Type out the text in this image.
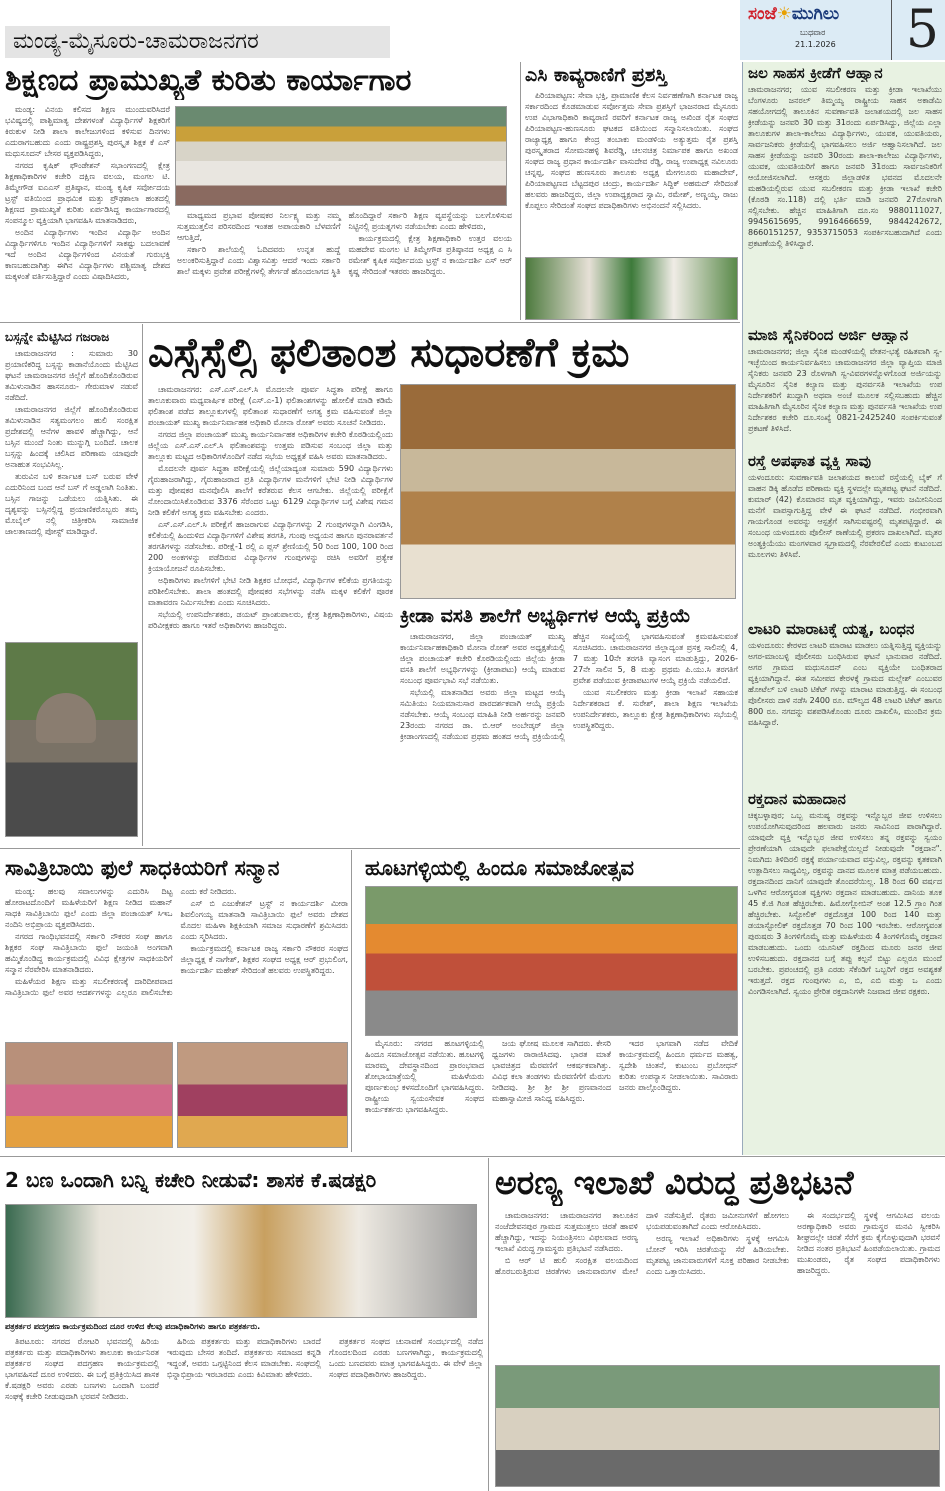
ಮಂಡ್ಯ-ಮೈಸೂರು-ಚಾಮರಾಜನಗರ
ಸಂಜೆ☀ಮುಗಿಲು
ಬುಧವಾರ
21.1.2026 5
ಶಿಕ್ಷಣದ ಪ್ರಾಮುಖ್ಯತೆ ಕುರಿತು ಕಾರ್ಯಾಗಾರ

ಮಂಡ್ಯ: ವಿನಯ ಕಲಿಸದ ಶಿಕ್ಷಣ ಮುಂದುವರಿಸಿದರೆ ಭವಿಷ್ಯದಲ್ಲಿ ಪಾಶ್ಚಿಮಾತ್ಯ ದೇಶಗಳಂತೆ ವಿದ್ಯಾರ್ಥಿಗಳೆ ಶಿಕ್ಷಕರಿಗೆ ಕಿರುಕುಳ ನೀಡಿ ಶಾಲಾ ಕಾಲೇಜುಗಳಿಂದ ಕಳಿಸುವ ದಿನಗಳು ಎದುರಾಗಬಹುದು ಎಂದು ರಾಷ್ಟ್ರಪ್ರಶಸ್ತಿ ಪುರಸ್ಕೃತ ಶಿಕ್ಷಕ ಕೆ ಎಸ್ ಮಧುಸೂದನ್ ಬೇಸರ ವ್ಯಕ್ತಪಡಿಸಿದ್ದರು,

ನಗರದ ಕೃಷಿಕ್ ಫೌಂಡೇಶನ್ ಸಭಾಂಗಣದಲ್ಲಿ ಕ್ಷೇತ್ರ ಶಿಕ್ಷಣಾಧಿಕಾರಿಗಳ ಕಚೇರಿ ದಕ್ಷಿಣ ವಲಯ, ಮಂಗಲ ಟಿ. ತಿಮ್ಮೇಗೌಡ ಐಎಎಸ್ ಪ್ರತಿಷ್ಠಾನ, ಮಂಡ್ಯ ಕೃಷಿಕ ಸರ್ವೋದಯ ಟ್ರಸ್ಟ್ ವತಿಯಿಂದ ಪ್ರಾಥಮಿಕ ಮತ್ತು ಪ್ರೌಢಶಾಲಾ ಹಂತದಲ್ಲಿ ಶಿಕ್ಷಣದ ಪ್ರಾಮುಖ್ಯತೆ ಕುರಿತು ಏರ್ಪಡಿಸಿದ್ದ ಕಾರ್ಯಾಗಾರದಲ್ಲಿ ಸಂಪನ್ಮೂಲ ವ್ಯಕ್ತಿಯಾಗಿ ಭಾಗವಹಿಸಿ ಮಾತನಾಡಿದರು,

ಅಂದಿನ ವಿದ್ಯಾರ್ಥಿಗಳು ಇಂದಿನ ವಿದ್ಯಾರ್ಥಿ ಅಂದಿನ ವಿದ್ಯಾರ್ಥಿಗಳಿಗೂ ಇಂದಿನ ವಿದ್ಯಾರ್ಥಿಗಳಿಗೆ ಸಾಕಷ್ಟು ಬದಲಾವಣೆ ಇದೆ ಅಂದಿನ ವಿದ್ಯಾರ್ಥಿಗಳಿಂದ ವಿನಯತೆ ಗುರುಭಕ್ತಿ ಕಾಣಬಹುದಾಗಿತ್ತು ಈಗಿನ ವಿದ್ಯಾರ್ಥಿಗಳು ಪಶ್ಚಿಮಾತ್ಯ ದೇಶದ ಮಕ್ಕಳಂತೆ ವರ್ತಿಸುತ್ತಿದ್ದಾರೆ ಎಂದು ವಿಷಾದಿಸಿದರು,

ಮಾಧ್ಯಮದ ಪ್ರಭಾವ ಪೋಷಕರ ನಿರ್ಲಕ್ಷ್ಯ ಮತ್ತು ನಮ್ಮ ಸುತ್ತಮುತ್ತಲಿನ ಪರಿಸರದಿಂದ ಇಂತಹ ಅಪಾಯಕಾರಿ ಬೆಳವಣಿಗೆ ಆಗುತ್ತಿದೆ,

ಸರ್ಕಾರಿ ಶಾಲೆಯಲ್ಲಿ ಓದಿದವರು ಉನ್ನತ ಹುದ್ದೆ ಅಲಂಕರಿಸುತ್ತಿದ್ದಾರೆ ಎಂದು ವಿಶ್ವಾಸವಿತ್ತು ಆದರೆ ಇಂದು ಸರ್ಕಾರಿ ಶಾಲೆ ಮಕ್ಕಳು ಪ್ರವೇಶ ಪರೀಕ್ಷೆಗಳಲ್ಲಿ ತೇರ್ಗಡೆ ಹೊಂದಲಾಗದ ಸ್ಥಿತಿ ಹೊಂದಿದ್ದಾರೆ ಸರ್ಕಾರಿ ಶಿಕ್ಷಣ ವ್ಯವಸ್ಥೆಯನ್ನು ಬಲಗೊಳಿಸುವ ನಿಟ್ಟಿನಲ್ಲಿ ಪ್ರಯತ್ನಗಳು ನಡೆಯಬೇಕು ಎಂದು ಹೇಳಿದರು,

ಕಾರ್ಯಕ್ರಮದಲ್ಲಿ ಕ್ಷೇತ್ರ ಶಿಕ್ಷಣಾಧಿಕಾರಿ ಉತ್ತರ ವಲಯ ಮಹದೇವ ಮಂಗಲ ಟಿ ತಿಮ್ಮೇಗೌಡ ಪ್ರತಿಷ್ಠಾನದ ಅಧ್ಯಕ್ಷ ಎ ಸಿ ರಮೇಶ್ ಕೃಷಿಕ ಸರ್ವೋದಯ ಟ್ರಸ್ಟ್ ನ ಕಾರ್ಯದರ್ಶಿ ಎಸ್ ಆರ್ ಕೃಷ್ಣ ಸೇರಿದಂತೆ ಇತರರು ಹಾಜರಿದ್ದರು.

ಎಸಿ ಕಾವ್ಯರಾಣಿಗೆ ಪ್ರಶಸ್ತಿ

ಪಿರಿಯಾಪಟ್ಟಣ: ಸೇವಾ ಭಕ್ತಿ, ಪ್ರಾಮಾಣಿಕ ಕೆಲಸ ನಿರ್ವಹಣೆಗಾಗಿ ಕರ್ನಾಟಕ ರಾಜ್ಯ ಸರ್ಕಾರದಿಂದ ಕೊಡಮಾಡುವ ಸರ್ವೋತ್ತಮ ಸೇವಾ ಪ್ರಶಸ್ತಿಗೆ ಭಾಜನರಾದ ಮೈಸೂರು ಉಪ ವಿಭಾಗಾಧಿಕಾರಿ ಕಾವ್ಯರಾಣಿ ರವರಿಗೆ ಕರ್ನಾಟಕ ರಾಜ್ಯ ಅಖಿಂಡ ರೈತ ಸಂಘದ ಪಿರಿಯಾಪಟ್ಟಣ-ಹುಣಸೂರು ಘಟಕದ ವತಿಯಿಂದ ಸನ್ಮಾನಿಸಲಾಯಿತು. ಸಂಘದ ರಾಜ್ಯಾಧ್ಯಕ್ಷ ಹಾಗೂ ಕೇಂದ್ರ ತಂಬಾಕು ಮಂಡಳಿಯ ಅತ್ಯುತ್ತಮ ರೈತ ಪ್ರಶಸ್ತಿ ಪುರಸ್ಕೃತರಾದ ಸೋಮನಹಳ್ಳಿ ಶಿವರೆಡ್ಡಿ, ಚಲನಚಿತ್ರ ನಿರ್ಮಾಪಕ ಹಾಗೂ ಅಖಂಡ ಸಂಘದ ರಾಜ್ಯ ಪ್ರಧಾನ ಕಾರ್ಯದರ್ಶಿ ವಾಸುದೇವ ರೆಡ್ಡಿ, ರಾಜ್ಯ ಉಪಾಧ್ಯಕ್ಷ ನವಿಲೂರು ಚನ್ನಪ್ಪ, ಸಂಘದ ಹುಣಸೂರು ತಾಲೂಕು ಅಧ್ಯಕ್ಷ ಮೇಗಲೂರು ಮಹಾದೇವ್, ಪಿರಿಯಾಪಟ್ಟಣದ ಬೆಟ್ಟದಪುರ ಚಂದ್ರು, ಕಾರ್ಯದರ್ಶಿ ಸಿದ್ದಿಕ್ ಅಹಮದ್ ಸೇರಿದಂತೆ ಹಲವರು ಹಾಜರಿದ್ದರು, ಜಿಲ್ಲಾ ಉಪಾಧ್ಯಕ್ಷರಾದ ಸ್ವಾಮಿ, ರಮೇಶ್, ಅಣ್ಣಯ್ಯ, ರಾಜು ಕೊಪ್ಪಲು ಸೇರಿದಂತೆ ಸಂಘದ ಪದಾಧಿಕಾರಿಗಳು ಅಭಿನಂದನೆ ಸಲ್ಲಿಸಿದರು.

ಬಸ್ಸನ್ನೇ ಮೆಟ್ಟಿಸಿದ ಗಜರಾಜ

ಚಾಮರಾಜನಗರ : ಸುಮಾರು 30 ಪ್ರಯಾಣಿಕರಿದ್ದ ಬಸ್ಸನ್ನು ಕಾಡಾನೆಯೊಂದು ಮೆಟ್ಟಿಸಿದ ಘಟನೆ ಚಾಮರಾಜನಗರ ಜಿಲ್ಲೆಗೆ ಹೊಂದಿಕೊಂಡಿರುವ ತಮಿಳುನಾಡಿನ ಹಾಸನೂರು- ಗೇರುಮಾಳ ನಡುವೆ ನಡೆದಿದೆ.

ಚಾಮರಾಜನಗರ ಜಿಲ್ಲೆಗೆ ಹೊಂದಿಕೊಂಡಿರುವ ತಮಿಳುನಾಡಿನ ಸತ್ಯಮಂಗಲಂ ಹುಲಿ ಸಂರಕ್ಷಿತ ಪ್ರದೇಶದಲ್ಲಿ ಆನೆಗಳ ಹಾವಳಿ ಹೆಚ್ಚಾಗಿದ್ದು, ಆನೆ ಬಸ್ಸಿನ ಮುಂದೆ ನಿಂತು ಮುನ್ನುಗ್ಗಿ ಬಂದಿದೆ. ಚಾಲಕ ಬಸ್ಸನ್ನು ಹಿಂದಕ್ಕೆ ಚಲಿಸಿದ ಪರಿಣಾಮ ಯಾವುದೇ ಅನಾಹುತ ಸಂಭವಿಸಿಲ್ಲ.

ತುರುವಿನ ಬಳಿ ಕರ್ನಾಟಕ ಬಸ್ ಬರುವ ವೇಳೆ ಎದುರಿನಿಂದ ಬಂದ ಆನೆ ಬಸ್ ಗೆ ಅಡ್ಡಲಾಗಿ ನಿಂತಿತು. ಬಸ್ಸಿನ ಗಾಜನ್ನು ಒಡೆಯಲು ಯತ್ನಿಸಿತು. ಈ ದೃಶ್ಯವನ್ನು ಬಸ್ಸಿನಲ್ಲಿದ್ದ ಪ್ರಯಾಣಿಕರೊಬ್ಬರು ತಮ್ಮ ಮೊಬೈಲ್ ನಲ್ಲಿ ಚಿತ್ರೀಕರಿಸಿ ಸಾಮಾಜಿಕ ಜಾಲತಾಣದಲ್ಲಿ ಪೋಸ್ಟ್ ಮಾಡಿದ್ದಾರೆ.

ಎಸ್ಸೆಸ್ಸೆಲ್ಸಿ ಫಲಿತಾಂಶ ಸುಧಾರಣೆಗೆ ಕ್ರಮ

ಚಾಮರಾಜನಗರ: ಎಸ್.ಎಸ್.ಎಲ್.ಸಿ ಮೊದಲನೇ ಪೂರ್ವ ಸಿದ್ಧತಾ ಪರೀಕ್ಷೆ ಹಾಗೂ ತಾಲೂಕುವಾರು ಮಧ್ಯವಾರ್ಷಿಕ ಪರೀಕ್ಷೆ (ಎಸ್.ಎ-1) ಫಲಿತಾಂಶಗಳನ್ನು ಹೋಲಿಕೆ ಮಾಡಿ ಕಡಿಮೆ ಫಲಿತಾಂಶ ಪಡೆದ ತಾಲ್ಲೂಕುಗಳಲ್ಲಿ ಫಲಿತಾಂಶ ಸುಧಾರಣೆಗೆ ಅಗತ್ಯ ಕ್ರಮ ವಹಿಸುವಂತೆ ಜಿಲ್ಲಾ ಪಂಚಾಯತ್ ಮುಖ್ಯ ಕಾರ್ಯನಿರ್ವಾಹಕ ಅಧಿಕಾರಿ ಮೋನಾ ರೋತ್ ಅವರು ಸೂಚನೆ ನೀಡಿದರು.

ನಗರದ ಜಿಲ್ಲಾ ಪಂಚಾಯತ್ ಮುಖ್ಯ ಕಾರ್ಯನಿರ್ವಾಹಕ ಅಧಿಕಾರಿಗಳ ಕಚೇರಿ ಕೊಠಡಿಯಲ್ಲಿಂದು ಜಿಲ್ಲೆಯ ಎಸ್.ಎಸ್.ಎಲ್.ಸಿ ಫಲಿತಾಂಶವನ್ನು ಉತ್ತಮ ಪಡಿಸುವ ಸಂಬಂಧ ಜಿಲ್ಲಾ ಮತ್ತು ತಾಲ್ಲೂಕು ಮಟ್ಟದ ಅಧಿಕಾರಿಗಳೊಂದಿಗೆ ನಡೆದ ಸಭೆಯ ಅಧ್ಯಕ್ಷತೆ ವಹಿಸಿ ಅವರು ಮಾತನಾಡಿದರು.

ಮೊದಲನೇ ಪೂರ್ವ ಸಿದ್ಧತಾ ಪರೀಕ್ಷೆಯಲ್ಲಿ ಜಿಲ್ಲೆಯಾದ್ಯಂತ ಸುಮಾರು 590 ವಿದ್ಯಾರ್ಥಿಗಳು ಗೈರುಹಾಜರಾಗಿದ್ದು, ಗೈರುಹಾಜರಾದ ಪ್ರತಿ ವಿದ್ಯಾರ್ಥಿಗಳ ಮನೆಗಳಿಗೆ ಭೇಟಿ ನೀಡಿ ವಿದ್ಯಾರ್ಥಿಗಳ ಮತ್ತು ಪೋಷಕರ ಮನವೊಲಿಸಿ ಶಾಲೆಗೆ ಕರೆತರುವ ಕೆಲಸ ಆಗಬೇಕು. ಜಿಲ್ಲೆಯಲ್ಲಿ ಪರೀಕ್ಷೆಗೆ ನೋಂದಾಯಿಸಿಕೊಂಡಿರುವ 3376 ಸೆರೆಂದರ ಒಟ್ಟು 6129 ವಿದ್ಯಾರ್ಥಿಗಳ ಬಗ್ಗೆ ವಿಶೇಷ ಗಮನ ನೀಡಿ ಕಲಿಕೆಗೆ ಅಗತ್ಯ ಕ್ರಮ ವಹಿಸಬೇಕು ಎಂದರು.

ಎಸ್.ಎಸ್.ಎಲ್.ಸಿ ಪರೀಕ್ಷೆಗೆ ಹಾಜರಾಗುವ ವಿದ್ಯಾರ್ಥಿಗಳನ್ನು 2 ಗುಂಪುಗಳನ್ನಾಗಿ ವಿಂಗಡಿಸಿ, ಕಲಿಕೆಯಲ್ಲಿ ಹಿಂದುಳಿದ ವಿದ್ಯಾರ್ಥಿಗಳಿಗೆ ವಿಶೇಷ ತರಗತಿ, ಗುಂಪು ಅಧ್ಯಯನ ಹಾಗೂ ಪುನರಾವರ್ತನೆ ತರಗತಿಗಳನ್ನು ನಡೆಸಬೇಕು. ಪರೀಕ್ಷೆ-1 ರಲ್ಲಿ ಎ ಪ್ಲಸ್ ಶ್ರೇಣಿಯಲ್ಲಿ 50 ರಿಂದ 100, 100 ರಿಂದ 200 ಅಂಕಗಳನ್ನು ಪಡೆದಿರುವ ವಿದ್ಯಾರ್ಥಿಗಳ ಗುಂಪುಗಳನ್ನು ರಚಿಸಿ ಅವರಿಗೆ ಪ್ರತ್ಯೇಕ ಕ್ರಿಯಾಯೋಜನೆ ರೂಪಿಸಬೇಕು.

ಅಧಿಕಾರಿಗಳು ಶಾಲೆಗಳಿಗೆ ಭೇಟಿ ನೀಡಿ ಶಿಕ್ಷಕರ ಬೋಧನೆ, ವಿದ್ಯಾರ್ಥಿಗಳ ಕಲಿಕೆಯ ಪ್ರಗತಿಯನ್ನು ಪರಿಶೀಲಿಸಬೇಕು. ಶಾಲಾ ಹಂತದಲ್ಲಿ ಪೋಷಕರ ಸಭೆಗಳನ್ನು ನಡೆಸಿ ಮಕ್ಕಳ ಕಲಿಕೆಗೆ ಪೂರಕ ವಾತಾವರಣ ನಿರ್ಮಿಸಬೇಕು ಎಂದು ಸೂಚಿಸಿದರು.

ಸಭೆಯಲ್ಲಿ ಉಪನಿರ್ದೇಶಕರು, ಡಯಟ್ ಪ್ರಾಂಶುಪಾಲರು, ಕ್ಷೇತ್ರ ಶಿಕ್ಷಣಾಧಿಕಾರಿಗಳು, ವಿಷಯ ಪರಿವೀಕ್ಷಕರು ಹಾಗೂ ಇತರೆ ಅಧಿಕಾರಿಗಳು ಹಾಜರಿದ್ದರು.	ಕ್ರೀಡಾ ವಸತಿ ಶಾಲೆಗೆ ಅಭ್ಯರ್ಥಿಗಳ ಆಯ್ಕೆ ಪ್ರಕ್ರಿಯೆ

ಚಾಮರಾಜನಗರ, ಜಿಲ್ಲಾ ಪಂಚಾಯತ್ ಮುಖ್ಯ ಕಾರ್ಯನಿರ್ವಾಹಕಾಧಿಕಾರಿ ಮೋನಾ ರೋತ್ ಅವರ ಅಧ್ಯಕ್ಷತೆಯಲ್ಲಿ ಜಿಲ್ಲಾ ಪಂಚಾಯತ್ ಕಚೇರಿ ಕೊಠಡಿಯಲ್ಲಿಂದು ಜಿಲ್ಲೆಯ ಕ್ರೀಡಾ ವಸತಿ ಶಾಲೆಗೆ ಅಭ್ಯರ್ಥಿಗಳನ್ನು (ಕ್ರೀಡಾಪಟು) ಆಯ್ಕೆ ಮಾಡುವ ಸಂಬಂಧ ಪೂರ್ವಭಾವಿ ಸಭೆ ನಡೆಯಿತು.

ಸಭೆಯಲ್ಲಿ ಮಾತನಾಡಿದ ಅವರು ಜಿಲ್ಲಾ ಮಟ್ಟದ ಆಯ್ಕೆ ಸಮಿತಿಯು ನಿಯಮಾನುಸಾರ ಪಾರದರ್ಶಕವಾಗಿ ಆಯ್ಕೆ ಪ್ರಕ್ರಿಯೆ ನಡೆಸಬೇಕು. ಆಯ್ಕೆ ಸಂಬಂಧ ಮಾಹಿತಿ ನೀಡಿ ಅರ್ಹರನ್ನು ಜನವರಿ 23ರಂದು ನಗರದ ಡಾ. ಬಿ.ಆರ್ ಅಂಬೇಡ್ಕರ್ ಜಿಲ್ಲಾ ಕ್ರೀಡಾಂಗಣದಲ್ಲಿ ನಡೆಯುವ ಪ್ರಥಮ ಹಂತದ ಆಯ್ಕೆ ಪ್ರಕ್ರಿಯೆಯಲ್ಲಿ ಹೆಚ್ಚಿನ ಸಂಖ್ಯೆಯಲ್ಲಿ ಭಾಗವಹಿಸುವಂತೆ ಕ್ರಮವಹಿಸುವಂತೆ ಸೂಚಿಸಿದರು. ಚಾಮರಾಜನಗರ ಜಿಲ್ಲಾದ್ಯಂತ ಪ್ರಸಕ್ತ ಸಾಲಿನಲ್ಲಿ 4, 7 ಮತ್ತು 10ನೇ ತರಗತಿ ವ್ಯಾಸಂಗ ಮಾಡುತ್ತಿದ್ದು, 2026-27ನೇ ಸಾಲಿನ 5, 8 ಮತ್ತು ಪ್ರಥಮ ಪಿ.ಯು.ಸಿ ತರಗತಿಗೆ ಪ್ರವೇಶ ಪಡೆಯುವ ಕ್ರೀಡಾಪಟುಗಳ ಆಯ್ಕೆ ಪ್ರಕ್ರಿಯೆ ನಡೆಯಲಿದೆ.

ಯುವ ಸಬಲೀಕರಣ ಮತ್ತು ಕ್ರೀಡಾ ಇಲಾಖೆ ಸಹಾಯಕ ನಿರ್ದೇಶಕರಾದ ಕೆ. ಸುರೇಶ್, ಶಾಲಾ ಶಿಕ್ಷಣ ಇಲಾಖೆಯ ಉಪನಿರ್ದೇಶಕರು, ತಾಲ್ಲೂಕು ಕ್ಷೇತ್ರ ಶಿಕ್ಷಣಾಧಿಕಾರಿಗಳು ಸಭೆಯಲ್ಲಿ ಉಪಸ್ಥಿತರಿದ್ದರು.

ಸಾವಿತ್ರಿಬಾಯಿ ಫುಲೆ ಸಾಧಕಿಯರಿಗೆ ಸನ್ಮಾನ

ಮಂಡ್ಯ: ಹಲವು ಸವಾಲುಗಳನ್ನು ಎದುರಿಸಿ ದಿಟ್ಟ ಹೋರಾಟದೊಂದಿಗೆ ಮಹಿಳೆಯರಿಗೆ ಶಿಕ್ಷಣ ನೀಡಿದ ಮಹಾನ್ ಸಾಧಕಿ ಸಾವಿತ್ರಿಬಾಯಿ ಫುಲೆ ಎಂದು ಜಿಲ್ಲಾ ಪಂಚಾಯತ್ ಸಿಇಒ ನಂದಿನಿ ಅಭಿಪ್ರಾಯ ವ್ಯಕ್ತಪಡಿಸಿದರು.

ನಗರದ ಗಾಂಧಿಭವನದಲ್ಲಿ ಸರ್ಕಾರಿ ನೌಕರರ ಸಂಘ ಹಾಗೂ ಶಿಕ್ಷಕರ ಸಂಘ ಸಾವಿತ್ರಿಬಾಯಿ ಫುಲೆ ಜಯಂತಿ ಅಂಗವಾಗಿ ಹಮ್ಮಿಕೊಂಡಿದ್ದ ಕಾರ್ಯಕ್ರಮದಲ್ಲಿ ವಿವಿಧ ಕ್ಷೇತ್ರಗಳ ಸಾಧಕಿಯರಿಗೆ ಸನ್ಮಾನ ನೆರವೇರಿಸಿ ಮಾತನಾಡಿದರು.

ಮಹಿಳೆಯರ ಶಿಕ್ಷಣ ಮತ್ತು ಸಬಲೀಕರಣಕ್ಕೆ ದಾರಿದೀಪವಾದ ಸಾವಿತ್ರಿಬಾಯಿ ಫುಲೆ ಅವರ ಆದರ್ಶಗಳನ್ನು ಎಲ್ಲರೂ ಪಾಲಿಸಬೇಕು ಎಂದು ಕರೆ ನೀಡಿದರು.

ಎಸ್ ಬಿ ಎಜುಕೇಶನ್ ಟ್ರಸ್ಟ್ ನ ಕಾರ್ಯದರ್ಶಿ ಮೀರಾ ಶಿವಲಿಂಗಯ್ಯ ಮಾತನಾಡಿ ಸಾವಿತ್ರಿಬಾಯಿ ಫುಲೆ ಅವರು ದೇಶದ ಮೊದಲ ಮಹಿಳಾ ಶಿಕ್ಷಕಿಯಾಗಿ ಸಮಾಜ ಸುಧಾರಣೆಗೆ ಶ್ರಮಿಸಿದರು ಎಂದು ಸ್ಮರಿಸಿದರು.

ಕಾರ್ಯಕ್ರಮದಲ್ಲಿ ಕರ್ನಾಟಕ ರಾಜ್ಯ ಸರ್ಕಾರಿ ನೌಕರರ ಸಂಘದ ಜಿಲ್ಲಾಧ್ಯಕ್ಷ ಕೆ ನಾಗೇಶ್, ಶಿಕ್ಷಕರ ಸಂಘದ ಅಧ್ಯಕ್ಷ ಆರ್ ಪ್ರಭುಲಿಂಗ, ಕಾರ್ಯದರ್ಶಿ ಮಹೇಶ್ ಸೇರಿದಂತೆ ಹಲವರು ಉಪಸ್ಥಿತರಿದ್ದರು.

ಹೂಟಗಳ್ಳಿಯಲ್ಲಿ ಹಿಂದೂ ಸಮಾಜೋತ್ಸವ

ಮೈಸೂರು: ನಗರದ ಹೂಟಗಳ್ಳಿಯಲ್ಲಿ ಹಿಂದೂ ಸಮಾಜೋತ್ಸವ ನಡೆಯಿತು. ಹೂಟಗಳ್ಳಿ ಮಾರಮ್ಮ ದೇವಸ್ಥಾನದಿಂದ ಪ್ರಾರಂಭವಾದ ಶೋಭಾಯಾತ್ರೆಯಲ್ಲಿ ಮಹಿಳೆಯರು ಪೂರ್ಣಕುಂಭ ಕಳಸದೊಂದಿಗೆ ಭಾಗವಹಿಸಿದ್ದರು. ರಾಷ್ಟ್ರೀಯ ಸ್ವಯಂಸೇವಕ ಸಂಘದ ಕಾರ್ಯಕರ್ತರು ಭಾಗವಹಿಸಿದ್ದರು.

ಜಯ ಘೋಷ ಮೂಲಕ ಸಾಗಿದರು. ಕೇಸರಿ ಧ್ವಜಗಳು ರಾರಾಜಿಸಿದವು. ಭಾರತ ಮಾತೆ ಭಾವಚಿತ್ರದ ಮೆರವಣಿಗೆ ಆಕರ್ಷಕವಾಗಿತ್ತು. ವಿವಿಧ ಕಲಾ ತಂಡಗಳು ಮೆರವಣಿಗೆಗೆ ಮೆರುಗು ನೀಡಿದವು. ಶ್ರೀ ಶ್ರೀ ಶ್ರೀ ಪ್ರಣವಾನಂದ ಮಹಾಸ್ವಾಮೀಜಿ ಸಾನಿಧ್ಯ ವಹಿಸಿದ್ದರು.

ಇದರ ಭಾಗವಾಗಿ ನಡೆದ ವೇದಿಕೆ ಕಾರ್ಯಕ್ರಮದಲ್ಲಿ ಹಿಂದೂ ಧರ್ಮದ ಮಹತ್ವ, ಸ್ವದೇಶಿ ಚಿಂತನೆ, ಕುಟುಂಬ ಪ್ರಬೋಧನ್ ಕುರಿತು ಉಪನ್ಯಾಸ ನೀಡಲಾಯಿತು. ಸಾವಿರಾರು ಜನರು ಪಾಲ್ಗೊಂಡಿದ್ದರು.

ಜಲ ಸಾಹಸ ಕ್ರೀಡೆಗೆ ಆಹ್ವಾನ
ಚಾಮರಾಜನಗರ; ಯುವ ಸಬಲೀಕರಣ ಮತ್ತು ಕ್ರೀಡಾ ಇಲಾಖೆಯು ಬೆಂಗಳೂರು ಜನರಲ್ ತಿಮ್ಮಯ್ಯ ರಾಷ್ಟ್ರೀಯ ಸಾಹಸ ಅಕಾಡೆಮಿ ಸಹಯೋಗದಲ್ಲಿ ತಾಲೂಕಿನ ಸುವರ್ಣಾವತಿ ಜಲಾಶಯದಲ್ಲಿ ಜಲ ಸಾಹಸ ಕ್ರೀಡೆಯನ್ನು ಜನವರಿ 30 ಮತ್ತು 31ರಂದು ಏರ್ಪಡಿಸಿದ್ದು, ಜಿಲ್ಲೆಯ ಎಲ್ಲಾ ತಾಲೂಕುಗಳ ಶಾಲಾ-ಕಾಲೇಜು ವಿದ್ಯಾರ್ಥಿಗಳು, ಯುವಕ, ಯುವತಿಯರು, ಸಾರ್ವಜನಿಕರು ಕ್ರೀಡೆಯಲ್ಲಿ ಭಾಗವಹಿಸಲು ಅರ್ಜಿ ಆಹ್ವಾನಿಸಲಾಗಿದೆ. ಜಲ ಸಾಹಸ ಕ್ರೀಡೆಯನ್ನು ಜನವರಿ 30ರಂದು ಶಾಲಾ-ಕಾಲೇಜು ವಿದ್ಯಾರ್ಥಿಗಳು, ಯುವಕ, ಯುವತಿಯರಿಗೆ ಹಾಗೂ ಜನವರಿ 31ರಂದು ಸಾರ್ವಜನಿಕರಿಗೆ ಆಯೋಜಿಸಲಾಗಿದೆ. ಆಸಕ್ತರು ಜಿಲ್ಲಾಡಳಿತ ಭವನದ ಮೊದಲನೇ ಮಹಡಿಯಲ್ಲಿರುವ ಯುವ ಸಬಲೀಕರಣ ಮತ್ತು ಕ್ರೀಡಾ ಇಲಾಖೆ ಕಚೇರಿ (ಕೊಠಡಿ ಸಂ.118) ದಲ್ಲಿ ಭರ್ತಿ ಮಾಡಿ ಜನವರಿ 27ರೊಳಗಾಗಿ ಸಲ್ಲಿಸಬೇಕು. ಹೆಚ್ಚಿನ ಮಾಹಿತಿಗಾಗಿ ದೂ.ಸಂ 9880111027, 9945615695, 9916466659, 9844242672, 8660151257, 9353715053 ಸಂಪರ್ಕಿಸಬಹುದಾಗಿದೆ ಎಂದು ಪ್ರಕಟಣೆಯಲ್ಲಿ ತಿಳಿಸಿದ್ದಾರೆ.
ಮಾಜಿ ಸೈನಿಕರಿಂದ ಅರ್ಜಿ ಆಹ್ವಾನ
ಚಾಮರಾಜನಗರ; ಜಿಲ್ಲಾ ಸೈನಿಕ ಮಂಡಳಿಯಲ್ಲಿ ವೇತನ-ಭತ್ಯೆ ರಹಿತವಾಗಿ ಸ್ವ-ಇಚ್ಛೆಯಿಂದ ಕಾರ್ಯನಿರ್ವಹಿಸಲು ಚಾಮರಾಜನಗರ ಜಿಲ್ಲಾ ವ್ಯಾಪ್ತಿಯ ಮಾಜಿ ಸೈನಿಕರು ಜನವರಿ 23 ರೊಳಗಾಗಿ ಸ್ವ-ವಿವರಗಳನ್ನೊಳಗೊಂಡ ಅರ್ಜಿಯನ್ನು ಮೈಸೂರಿನ ಸೈನಿಕ ಕಲ್ಯಾಣ ಮತ್ತು ಪುನರ್ವಸತಿ ಇಲಾಖೆಯ ಉಪ ನಿರ್ದೇಶಕರಿಗೆ ಖುದ್ದಾಗಿ ಅಥವಾ ಅಂಚೆ ಮೂಲಕ ಸಲ್ಲಿಸಬಹುದು ಹೆಚ್ಚಿನ ಮಾಹಿತಿಗಾಗಿ ಮೈಸೂರಿನ ಸೈನಿಕ ಕಲ್ಯಾಣ ಮತ್ತು ಪುನರ್ವಸತಿ ಇಲಾಖೆಯ ಉಪ ನಿರ್ದೇಶಕರ ಕಚೇರಿ ದೂ.ಸಂಖ್ಯೆ 0821-2425240 ಸಂಪರ್ಕಿಸುವಂತೆ ಪ್ರಕಟಣೆ ತಿಳಿಸಿದೆ.
ರಸ್ತೆ ಅಪಘಾತ ವ್ಯಕ್ತಿ ಸಾವು
ಯಳಂದೂರು: ಸುವರ್ಣಾವತಿ ಜಲಾಶಯದ ಕಾಲುವೆ ರಸ್ತೆಯಲ್ಲಿ ಬೈಕ್ ಗೆ ವಾಹನ ಡಿಕ್ಕಿ ಹೊಡೆದ ಪರಿಣಾಮ ವ್ಯಕ್ತಿ ಸ್ಥಳದಲ್ಲೇ ಮೃತಪಟ್ಟ ಘಟನೆ ನಡೆದಿದೆ. ಕುಮಾರ್ (42) ಕೊಮಾರನ ಮೃತ ವ್ಯಕ್ತಿಯಾಗಿದ್ದು, ಇವರು ಜಮೀನಿನಿಂದ ಮನೆಗೆ ವಾಪಸ್ಸಾಗುತ್ತಿದ್ದ ವೇಳೆ ಈ ಘಟನೆ ನಡೆದಿದೆ. ಗಂಭೀರವಾಗಿ ಗಾಯಗೊಂಡ ಅವರನ್ನು ಆಸ್ಪತ್ರೆಗೆ ಸಾಗಿಸುವಷ್ಟರಲ್ಲಿ ಮೃತಪಟ್ಟಿದ್ದಾರೆ. ಈ ಸಂಬಂಧ ಯಳಂದೂರು ಪೊಲೀಸ್ ಠಾಣೆಯಲ್ಲಿ ಪ್ರಕರಣ ದಾಖಲಾಗಿದೆ. ಮೃತರ ಅಂತ್ಯಕ್ರಿಯೆಯು ಮಂಗಳವಾರ ಸ್ವಗ್ರಾಮದಲ್ಲಿ ನೆರವೇರಲಿದೆ ಎಂದು ಕುಟುಂಬದ ಮೂಲಗಳು ತಿಳಿಸಿವೆ.
ಲಾಟರಿ ಮಾರಾಟಕ್ಕೆ ಯತ್ನ, ಬಂಧನ
ಯಳಂದೂರು: ಕೇರಳದ ಲಾಟರಿ ಮಾರಾಟ ಮಾಡಲು ಯತ್ನಿಸುತ್ತಿದ್ದ ವ್ಯಕ್ತಿಯನ್ನು ಅಗರ-ಮಾಂಬಳ್ಳಿ ಪೊಲೀಸರು ಬಂಧಿಸಿರುವ ಘಟನೆ ಭಾನುವಾರ ನಡೆದಿದೆ. ಅಗರ ಗ್ರಾಮದ ಮಧುಸೂದನ್ ಎಂಬ ವ್ಯಕ್ತಿಯೇ ಬಂಧಿತರಾದ ವ್ಯಕ್ತಿಯಾಗಿದ್ದಾನೆ. ಈತ ಸಮೀಪದ ಕೇರಳಕ್ಕೆ ಗ್ರಾಮದ ಮಲ್ಲೇಶ್ ಎಂಬುವರ ಹೋಟೆಲ್ ಬಳಿ ಲಾಟರಿ ಟಿಕೆಟ್ ಗಳನ್ನು ಮಾರಾಟ ಮಾಡುತ್ತಿದ್ದ. ಈ ಸಂಬಂಧ ಪೊಲೀಸರು ದಾಳಿ ನಡೆಸಿ 2400 ರೂ. ಮೌಲ್ಯದ 48 ಲಾಟರಿ ಟಿಕೆಟ್ ಹಾಗೂ 800 ರೂ. ನಗದನ್ನು ವಶಪಡಿಸಿಕೊಂಡು ದೂರು ದಾಖಲಿಸಿ, ಮುಂದಿನ ಕ್ರಮ ವಹಿಸಿದ್ದಾರೆ.
ರಕ್ತದಾನ ಮಹಾದಾನ
ಚಿಕ್ಕಬಳ್ಳಾಪುರ; ಒಬ್ಬ ಮನುಷ್ಯ ರಕ್ತವನ್ನು ಇನ್ನೊಬ್ಬರ ಜೀವ ಉಳಿಸಲು ಉಪಯೋಗಿಸುವುದರಿಂದ ಹಲವಾರು ಜನರು ಸಾವಿನಿಂದ ಪಾರಾಗಿದ್ದಾರೆ. ಯಾವುದೇ ವ್ಯಕ್ತಿ ಇನ್ನೊಬ್ಬರ ಜೀವ ಉಳಿಸಲು ತನ್ನ ರಕ್ತವನ್ನು ಸ್ವಯಂ ಪ್ರೇರಣೆಯಾಗಿ ಯಾವುದೇ ಫಲಾಪೇಕ್ಷೆಯಿಲ್ಲದೆ ನೀಡುವುದೇ "ರಕ್ತದಾನ". ನಿಮಗಿದು ತಿಳಿದಿರಲಿ ರಕ್ತಕ್ಕೆ ಪರ್ಯಾಯವಾದ ವಸ್ತುವಿಲ್ಲ, ರಕ್ತವನ್ನು ಕೃತಕವಾಗಿ ಉತ್ಪಾದಿಸಲು ಸಾಧ್ಯವಿಲ್ಲ, ರಕ್ತವನ್ನು ದಾನದ ಮೂಲಕ ಮಾತ್ರ ಪಡೆಯಬಹುದು. ರಕ್ತದಾನದಿಂದ ದಾನಿಗೆ ಯಾವುದೇ ತೊಂದರೆಯಿಲ್ಲ. 18 ರಿಂದ 60 ವರ್ಷದ ಒಳಗಿನ ಆರೋಗ್ಯವಂತ ವ್ಯಕ್ತಿಗಳು ರಕ್ತದಾನ ಮಾಡಬಹುದು. ದಾನಿಯ ತೂಕ 45 ಕೆ.ಜಿ ಗಿಂತ ಹೆಚ್ಚಿರಬೇಕು. ಹಿಮೋಗ್ಲೋಬಿನ್ ಅಂಶ 12.5 ಗ್ರಾಂ ಗಿಂತ ಹೆಚ್ಚಿರಬೇಕು. ಸಿಸ್ಟೋಲಿಕ್ ರಕ್ತದೊತ್ತಡ 100 ರಿಂದ 140 ಮತ್ತು ಡಯಾಸ್ಟೋಲಿಕ್ ರಕ್ತದೊತ್ತಡ 70 ರಿಂದ 100 ಇರಬೇಕು. ಆರೋಗ್ಯವಂತ ಪುರುಷರು 3 ತಿಂಗಳಿಗೊಮ್ಮೆ ಮತ್ತು ಮಹಿಳೆಯರು 4 ತಿಂಗಳಿಗೊಮ್ಮೆ ರಕ್ತದಾನ ಮಾಡಬಹುದು. ಒಂದು ಯೂನಿಟ್ ರಕ್ತದಿಂದ ಮೂರು ಜನರ ಜೀವ ಉಳಿಸಬಹುದು. ರಕ್ತದಾನದ ಬಗ್ಗೆ ತಪ್ಪು ಕಲ್ಪನೆ ಬಿಟ್ಟು ಎಲ್ಲರೂ ಮುಂದೆ ಬರಬೇಕು. ಪ್ರಪಂಚದಲ್ಲಿ ಪ್ರತಿ ಎರಡು ಸೆಕೆಂಡಿಗೆ ಒಬ್ಬರಿಗೆ ರಕ್ತದ ಅವಶ್ಯಕತೆ ಇರುತ್ತದೆ. ರಕ್ತದ ಗುಂಪುಗಳು ಎ, ಬಿ, ಎಬಿ ಮತ್ತು ಒ ಎಂದು ವಿಂಗಡಿಸಲಾಗಿದೆ. ಸ್ವಯಂ ಪ್ರೇರಿತ ರಕ್ತದಾನಿಗಳೇ ನಿಜವಾದ ಜೀವ ರಕ್ಷಕರು.
2 ಬಣ ಒಂದಾಗಿ ಬನ್ನಿ ಕಚೇರಿ ನೀಡುವೆ: ಶಾಸಕ ಕೆ.ಷಡಕ್ಷರಿ
ಪತ್ರಕರ್ತರ ಪದಗ್ರಹಣ ಕಾರ್ಯಕ್ರಮದಿಂದ ದೂರ ಉಳಿದ ಕೆಲವು ಪದಾಧಿಕಾರಿಗಳು ಹಾಗೂ ಪತ್ರಕರ್ತರು.

ತಿಪಟೂರು: ನಗರದ ರೋಟರಿ ಭವನದಲ್ಲಿ ಹಿರಿಯ ಪತ್ರಕರ್ತರು ಮತ್ತು ಪದಾಧಿಕಾರಿಗಳು ತಾಲೂಕು ಕಾರ್ಯನಿರತ ಪತ್ರಕರ್ತರ ಸಂಘದ ಪದಗ್ರಹಣ ಕಾರ್ಯಕ್ರಮದಲ್ಲಿ ಭಾಗವಹಿಸದೆ ದೂರ ಉಳಿದರು. ಈ ಬಗ್ಗೆ ಪ್ರತಿಕ್ರಿಯಿಸಿದ ಶಾಸಕ ಕೆ.ಷಡಕ್ಷರಿ ಅವರು ಎರಡು ಬಣಗಳು ಒಂದಾಗಿ ಬಂದರೆ ಸಂಘಕ್ಕೆ ಕಚೇರಿ ನೀಡುವುದಾಗಿ ಭರವಸೆ ನೀಡಿದರು.

ಹಿರಿಯ ಪತ್ರಕರ್ತರು ಮತ್ತು ಪದಾಧಿಕಾರಿಗಳು ಬಾರದೆ ಇರುವುದು ಬೇಸರ ತಂದಿದೆ. ಪತ್ರಕರ್ತರು ಸಮಾಜದ ಕನ್ನಡಿ ಇದ್ದಂತೆ, ಅವರು ಒಗ್ಗಟ್ಟಿನಿಂದ ಕೆಲಸ ಮಾಡಬೇಕು. ಸಂಘದಲ್ಲಿ ಭಿನ್ನಾಭಿಪ್ರಾಯ ಇರಬಾರದು ಎಂದು ಕಿವಿಮಾತು ಹೇಳಿದರು.

ಪತ್ರಕರ್ತರ ಸಂಘದ ಚುನಾವಣೆ ಸಂದರ್ಭದಲ್ಲಿ ನಡೆದ ಗೊಂದಲದಿಂದ ಎರಡು ಬಣಗಳಾಗಿದ್ದು, ಕಾರ್ಯಕ್ರಮದಲ್ಲಿ ಒಂದು ಬಣದವರು ಮಾತ್ರ ಭಾಗವಹಿಸಿದ್ದರು. ಈ ವೇಳೆ ಜಿಲ್ಲಾ ಸಂಘದ ಪದಾಧಿಕಾರಿಗಳು ಹಾಜರಿದ್ದರು.

ಅರಣ್ಯ ಇಲಾಖೆ ವಿರುದ್ಧ ಪ್ರತಿಭಟನೆ

ಚಾಮರಾಜನಗರ: ಚಾಮರಾಜನಗರ ತಾಲೂಕಿನ ನಂಜೆದೇವನಪುರ ಗ್ರಾಮದ ಸುತ್ತಮುತ್ತಲು ಚಿರತೆ ಹಾವಳಿ ಹೆಚ್ಚಾಗಿದ್ದು, ಇದನ್ನು ನಿಯಂತ್ರಿಸಲು ವಿಫಲವಾದ ಅರಣ್ಯ ಇಲಾಖೆ ವಿರುದ್ಧ ಗ್ರಾಮಸ್ಥರು ಪ್ರತಿಭಟನೆ ನಡೆಸಿದರು.

ಬಿ ಆರ್ ಟಿ ಹುಲಿ ಸಂರಕ್ಷಿತ ವಲಯದಿಂದ ಹೊರಬರುತ್ತಿರುವ ಚಿರತೆಗಳು ಜಾನುವಾರುಗಳ ಮೇಲೆ ದಾಳಿ ನಡೆಸುತ್ತಿವೆ. ರೈತರು ಜಮೀನುಗಳಿಗೆ ಹೋಗಲು ಭಯಪಡುವಂತಾಗಿದೆ ಎಂದು ಆರೋಪಿಸಿದರು.

ಅರಣ್ಯ ಇಲಾಖೆ ಅಧಿಕಾರಿಗಳು ಸ್ಥಳಕ್ಕೆ ಆಗಮಿಸಿ ಬೋನ್ ಇರಿಸಿ ಚಿರತೆಯನ್ನು ಸೆರೆ ಹಿಡಿಯಬೇಕು. ಮೃತಪಟ್ಟ ಜಾನುವಾರುಗಳಿಗೆ ಸೂಕ್ತ ಪರಿಹಾರ ನೀಡಬೇಕು ಎಂದು ಒತ್ತಾಯಿಸಿದರು.

ಈ ಸಂದರ್ಭದಲ್ಲಿ ಸ್ಥಳಕ್ಕೆ ಆಗಮಿಸಿದ ವಲಯ ಅರಣ್ಯಾಧಿಕಾರಿ ಅವರು ಗ್ರಾಮಸ್ಥರ ಮನವಿ ಸ್ವೀಕರಿಸಿ ಶೀಘ್ರದಲ್ಲೇ ಚಿರತೆ ಸೆರೆಗೆ ಕ್ರಮ ಕೈಗೊಳ್ಳುವುದಾಗಿ ಭರವಸೆ ನೀಡಿದ ನಂತರ ಪ್ರತಿಭಟನೆ ಹಿಂಪಡೆಯಲಾಯಿತು. ಗ್ರಾಮದ ಮುಖಂಡರು, ರೈತ ಸಂಘದ ಪದಾಧಿಕಾರಿಗಳು ಹಾಜರಿದ್ದರು.
